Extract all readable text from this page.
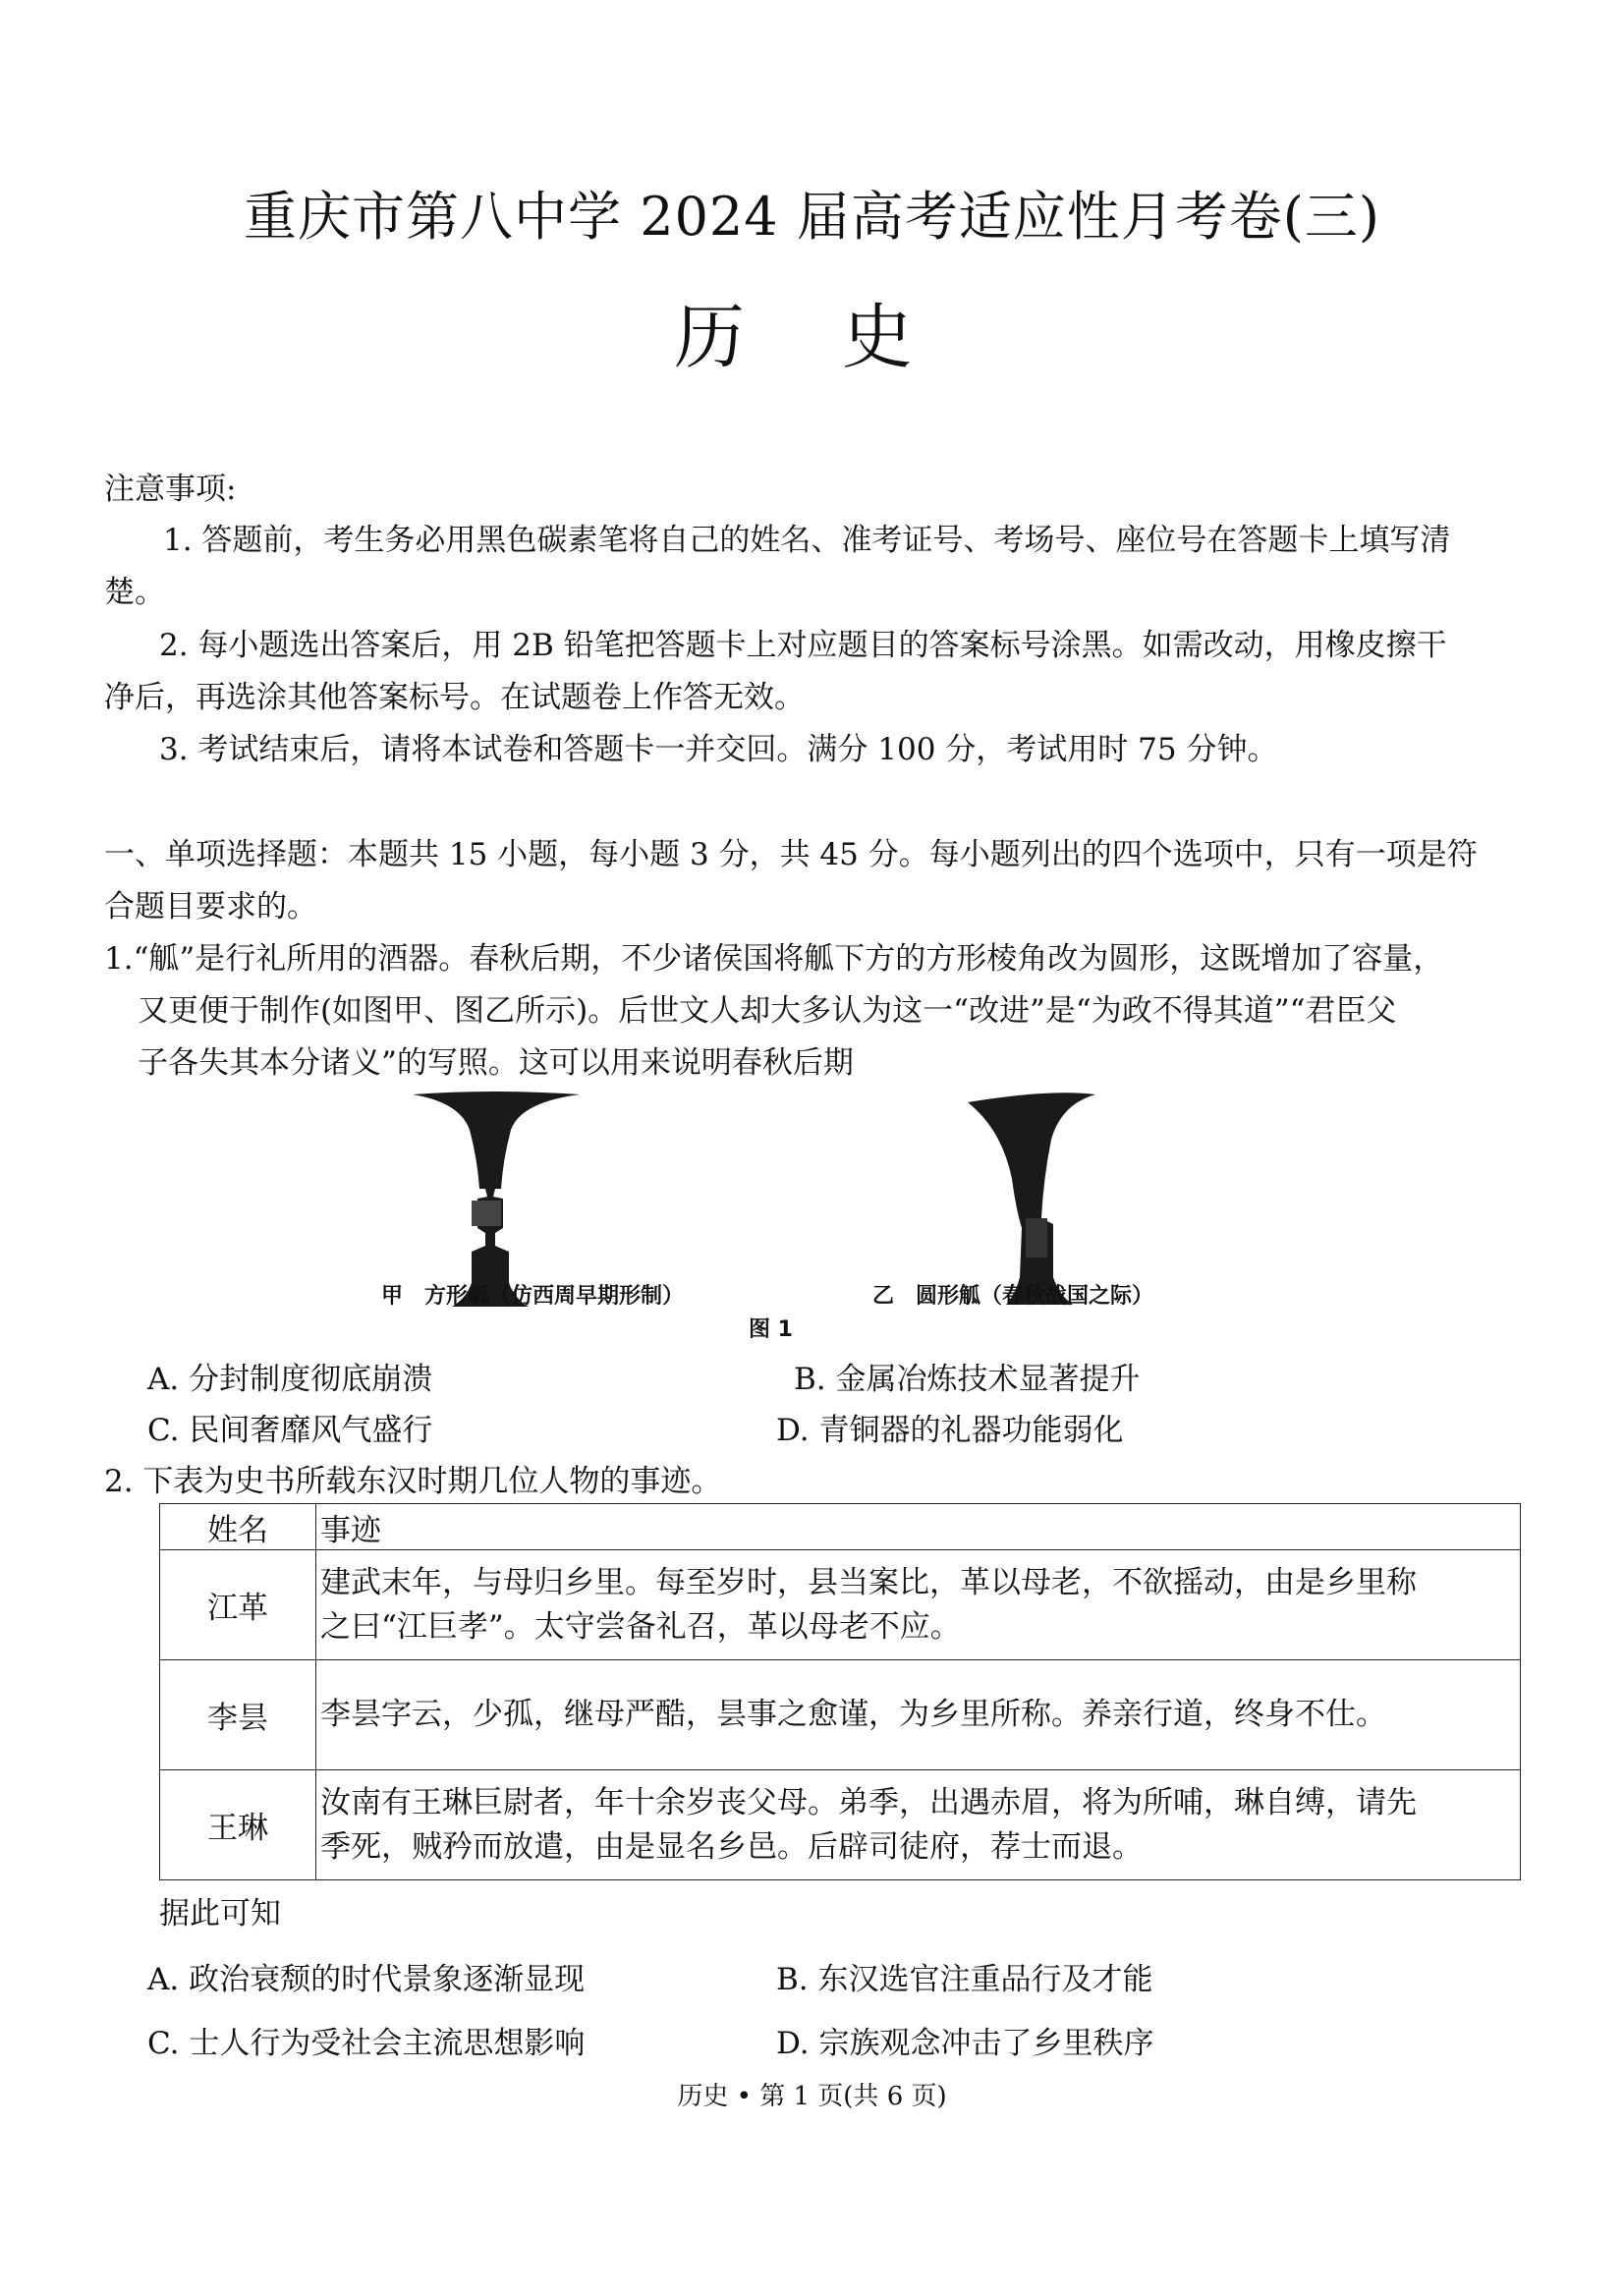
重庆市第八中学 2024 届高考适应性月考卷(三)
历 史
注意事项:
1. 答题前，考生务必用黑色碳素笔将自己的姓名、准考证号、考场号、座位号在答题卡上填写清
楚。
2. 每小题选出答案后，用 2B 铅笔把答题卡上对应题目的答案标号涂黑。如需改动，用橡皮擦干
净后，再选涂其他答案标号。在试题卷上作答无效。
3. 考试结束后，请将本试卷和答题卡一并交回。满分 100 分，考试用时 75 分钟。
一、单项选择题：本题共 15 小题，每小题 3 分，共 45 分。每小题列出的四个选项中，只有一项是符
合题目要求的。
1.“觚”是行礼所用的酒器。春秋后期，不少诸侯国将觚下方的方形棱角改为圆形，这既增加了容量，
又更便于制作(如图甲、图乙所示)。后世文人却大多认为这一“改进”是“为政不得其道”“君臣父
子各失其本分诸义”的写照。这可以用来说明春秋后期
甲　方形觚（仿西周早期形制）	乙　圆形觚（春秋战国之际）
图 1
A. 分封制度彻底崩溃	B. 金属冶炼技术显著提升
C. 民间奢靡风气盛行	D. 青铜器的礼器功能弱化
2. 下表为史书所载东汉时期几位人物的事迹。
姓名	事迹
江革	建武末年，与母归乡里。每至岁时，县当案比，革以母老，不欲摇动，由是乡里称
之曰“江巨孝”。太守尝备礼召，革以母老不应。

李昙	李昙字云，少孤，继母严酷，昙事之愈谨，为乡里所称。养亲行道，终身不仕。

王琳	汝南有王琳巨尉者，年十余岁丧父母。弟季，出遇赤眉，将为所哺，琳自缚，请先
季死，贼矜而放遣，由是显名乡邑。后辟司徒府，荐士而退。
据此可知
A. 政治衰颓的时代景象逐渐显现	B. 东汉选官注重品行及才能
C. 士人行为受社会主流思想影响	D. 宗族观念冲击了乡里秩序
历史 • 第 1 页(共 6 页)
